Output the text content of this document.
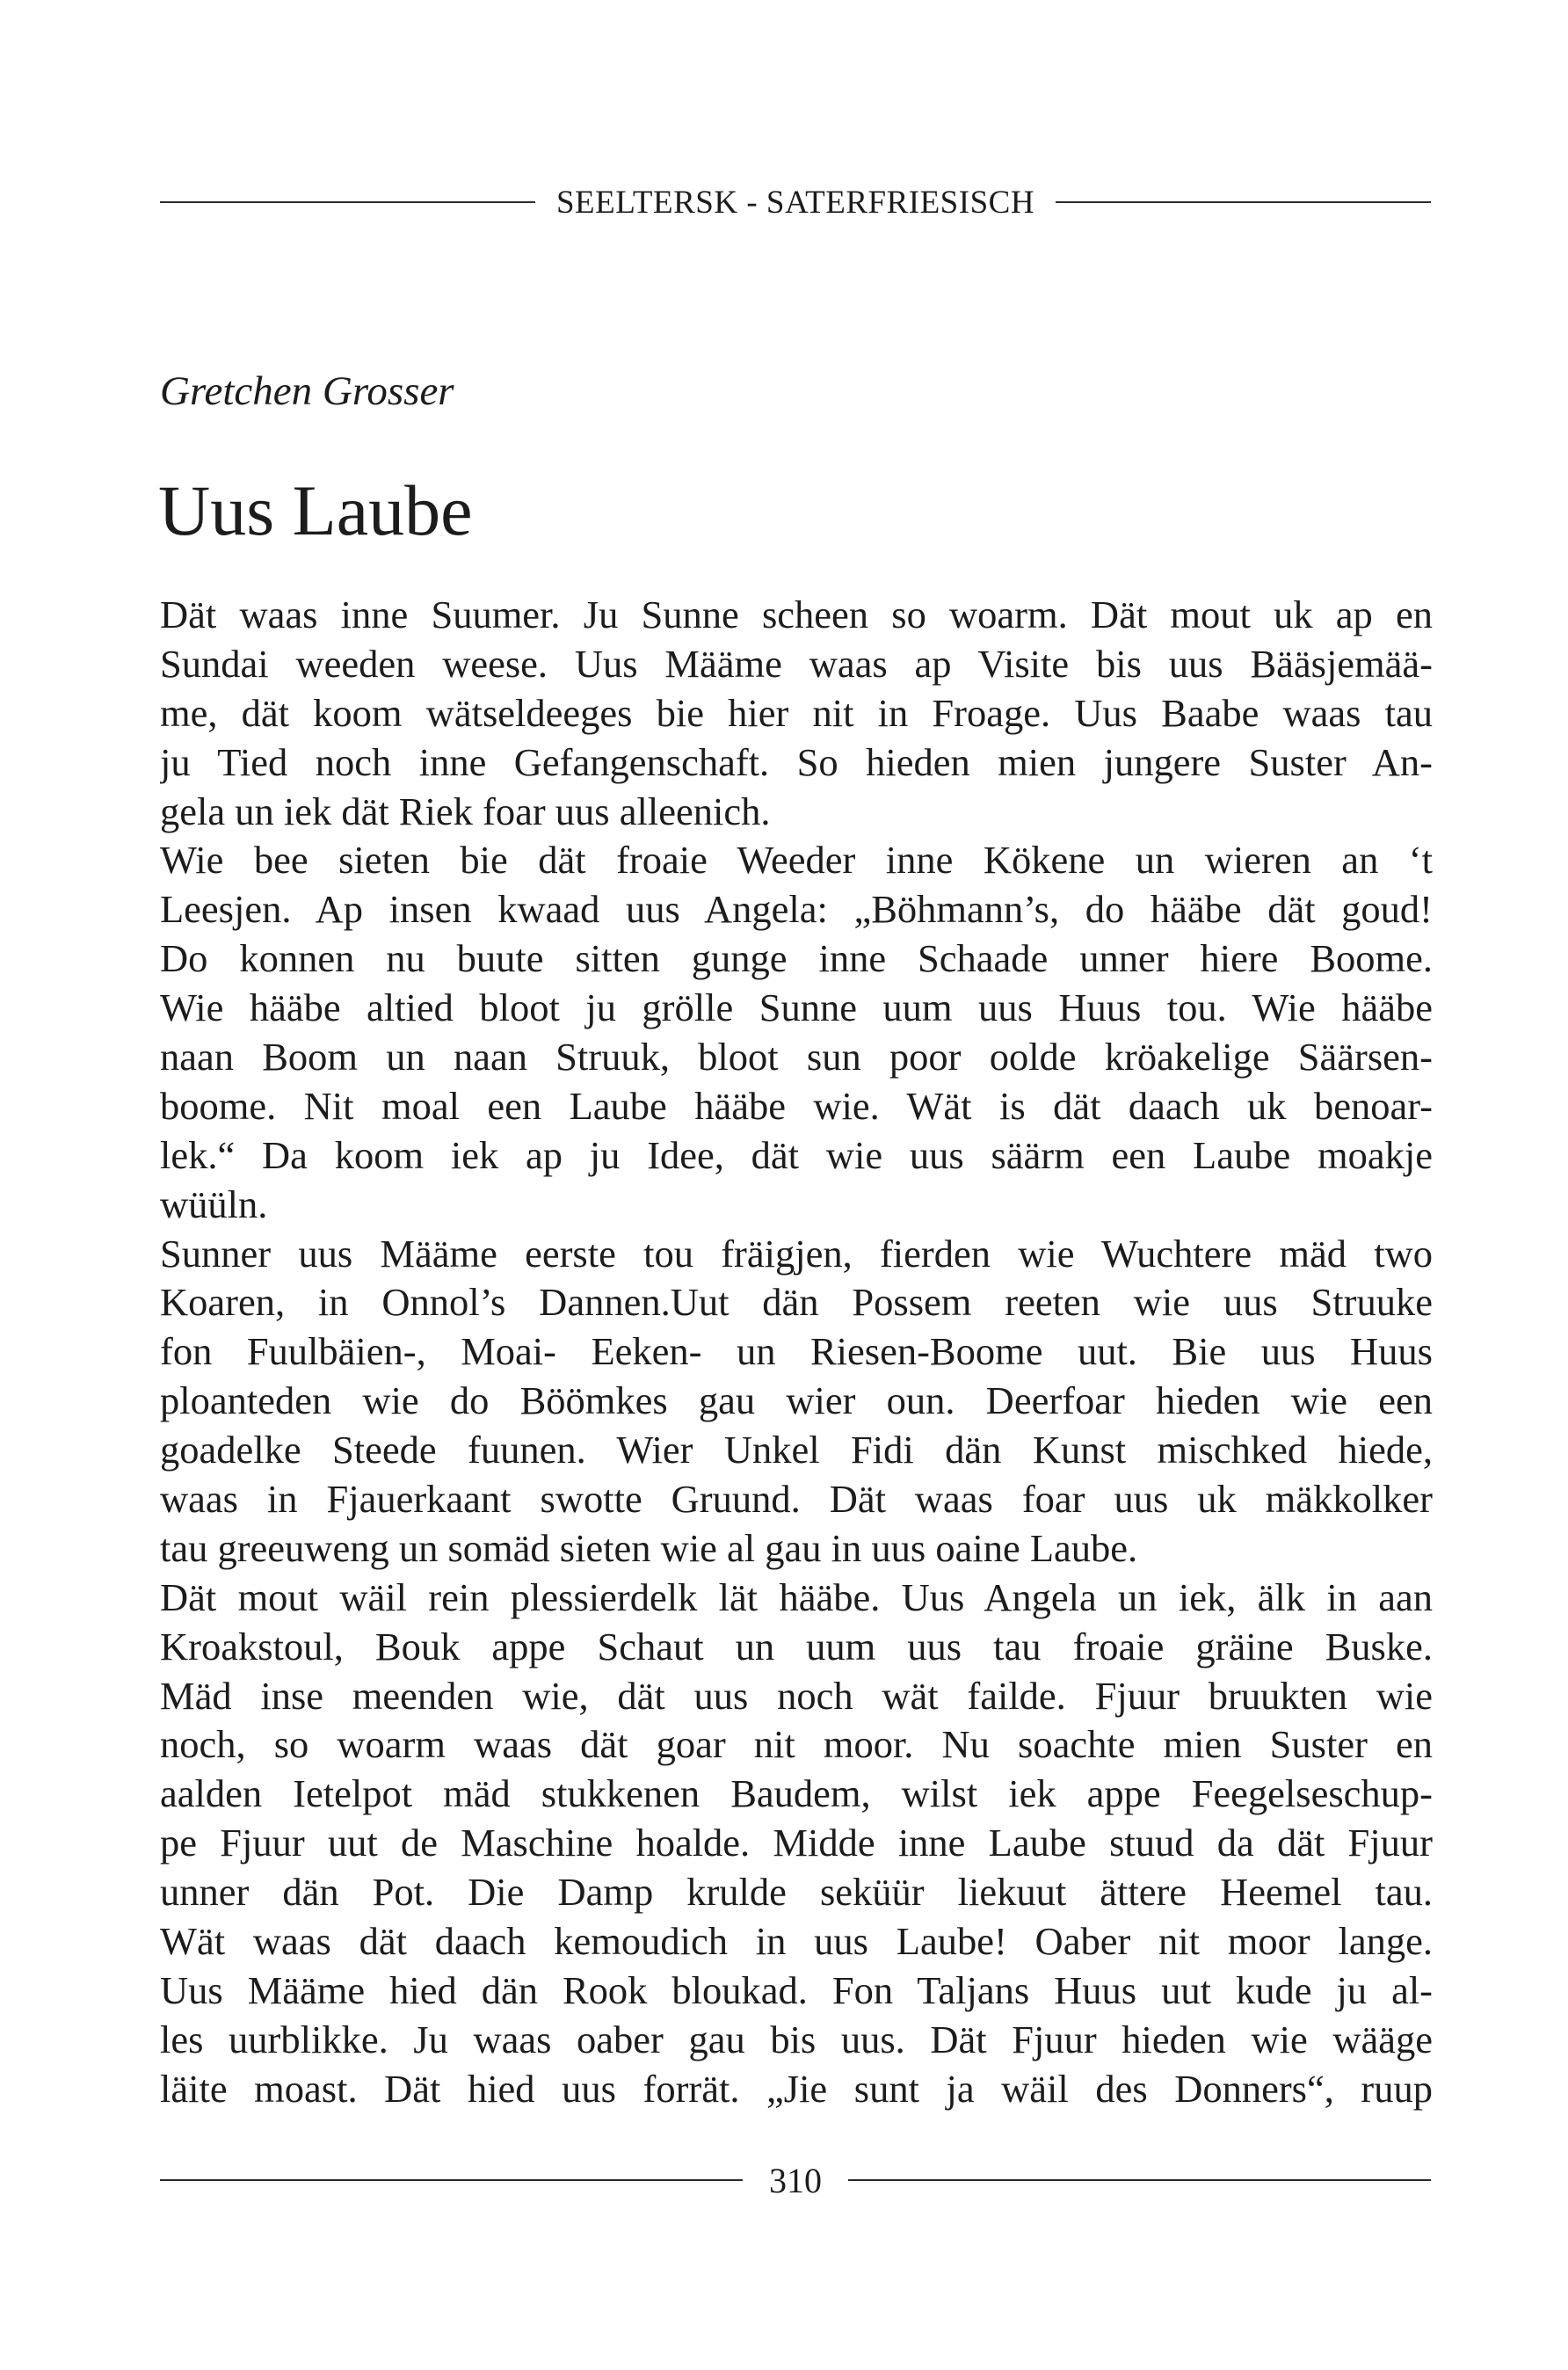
SEELTERSK - SATERFRIESISCH
Gretchen Grosser
Uus Laube
Dät waas inne Suumer. Ju Sunne scheen so woarm. Dät mout uk ap en
Sundai weeden weese. Uus Määme waas ap Visite bis uus Bääsjemää-
me, dät koom wätseldeeges bie hier nit in Froage. Uus Baabe waas tau
ju Tied noch inne Gefangenschaft. So hieden mien jungere Suster An-
gela un iek dät Riek foar uus alleenich.
Wie bee sieten bie dät froaie Weeder inne Kökene un wieren an ‘t
Leesjen. Ap insen kwaad uus Angela: „Böhmann’s, do hääbe dät goud!
Do konnen nu buute sitten gunge inne Schaade unner hiere Boome.
Wie hääbe altied bloot ju grölle Sunne uum uus Huus tou. Wie hääbe
naan Boom un naan Struuk, bloot sun poor oolde kröakelige Säärsen-
boome. Nit moal een Laube hääbe wie. Wät is dät daach uk benoar-
lek.“ Da koom iek ap ju Idee, dät wie uus säärm een Laube moakje
wüüln.
Sunner uus Määme eerste tou fräigjen, fierden wie Wuchtere mäd two
Koaren, in Onnol’s Dannen.Uut dän Possem reeten wie uus Struuke
fon Fuulbäien-, Moai- Eeken- un Riesen-Boome uut. Bie uus Huus
ploanteden wie do Böömkes gau wier oun. Deerfoar hieden wie een
goadelke Steede fuunen. Wier Unkel Fidi dän Kunst mischked hiede,
waas in Fjauerkaant swotte Gruund. Dät waas foar uus uk mäkkolker
tau greeuweng un somäd sieten wie al gau in uus oaine Laube.
Dät mout wäil rein plessierdelk lät hääbe. Uus Angela un iek, älk in aan
Kroakstoul, Bouk appe Schaut un uum uus tau froaie gräine Buske.
Mäd inse meenden wie, dät uus noch wät failde. Fjuur bruukten wie
noch, so woarm waas dät goar nit moor. Nu soachte mien Suster en
aalden Ietelpot mäd stukkenen Baudem, wilst iek appe Feegelseschup-
pe Fjuur uut de Maschine hoalde. Midde inne Laube stuud da dät Fjuur
unner dän Pot. Die Damp krulde seküür liekuut ättere Heemel tau.
Wät waas dät daach kemoudich in uus Laube! Oaber nit moor lange.
Uus Määme hied dän Rook bloukad. Fon Taljans Huus uut kude ju al-
les uurblikke. Ju waas oaber gau bis uus. Dät Fjuur hieden wie wääge
läite moast. Dät hied uus forrät. „Jie sunt ja wäil des Donners“, ruup
310
